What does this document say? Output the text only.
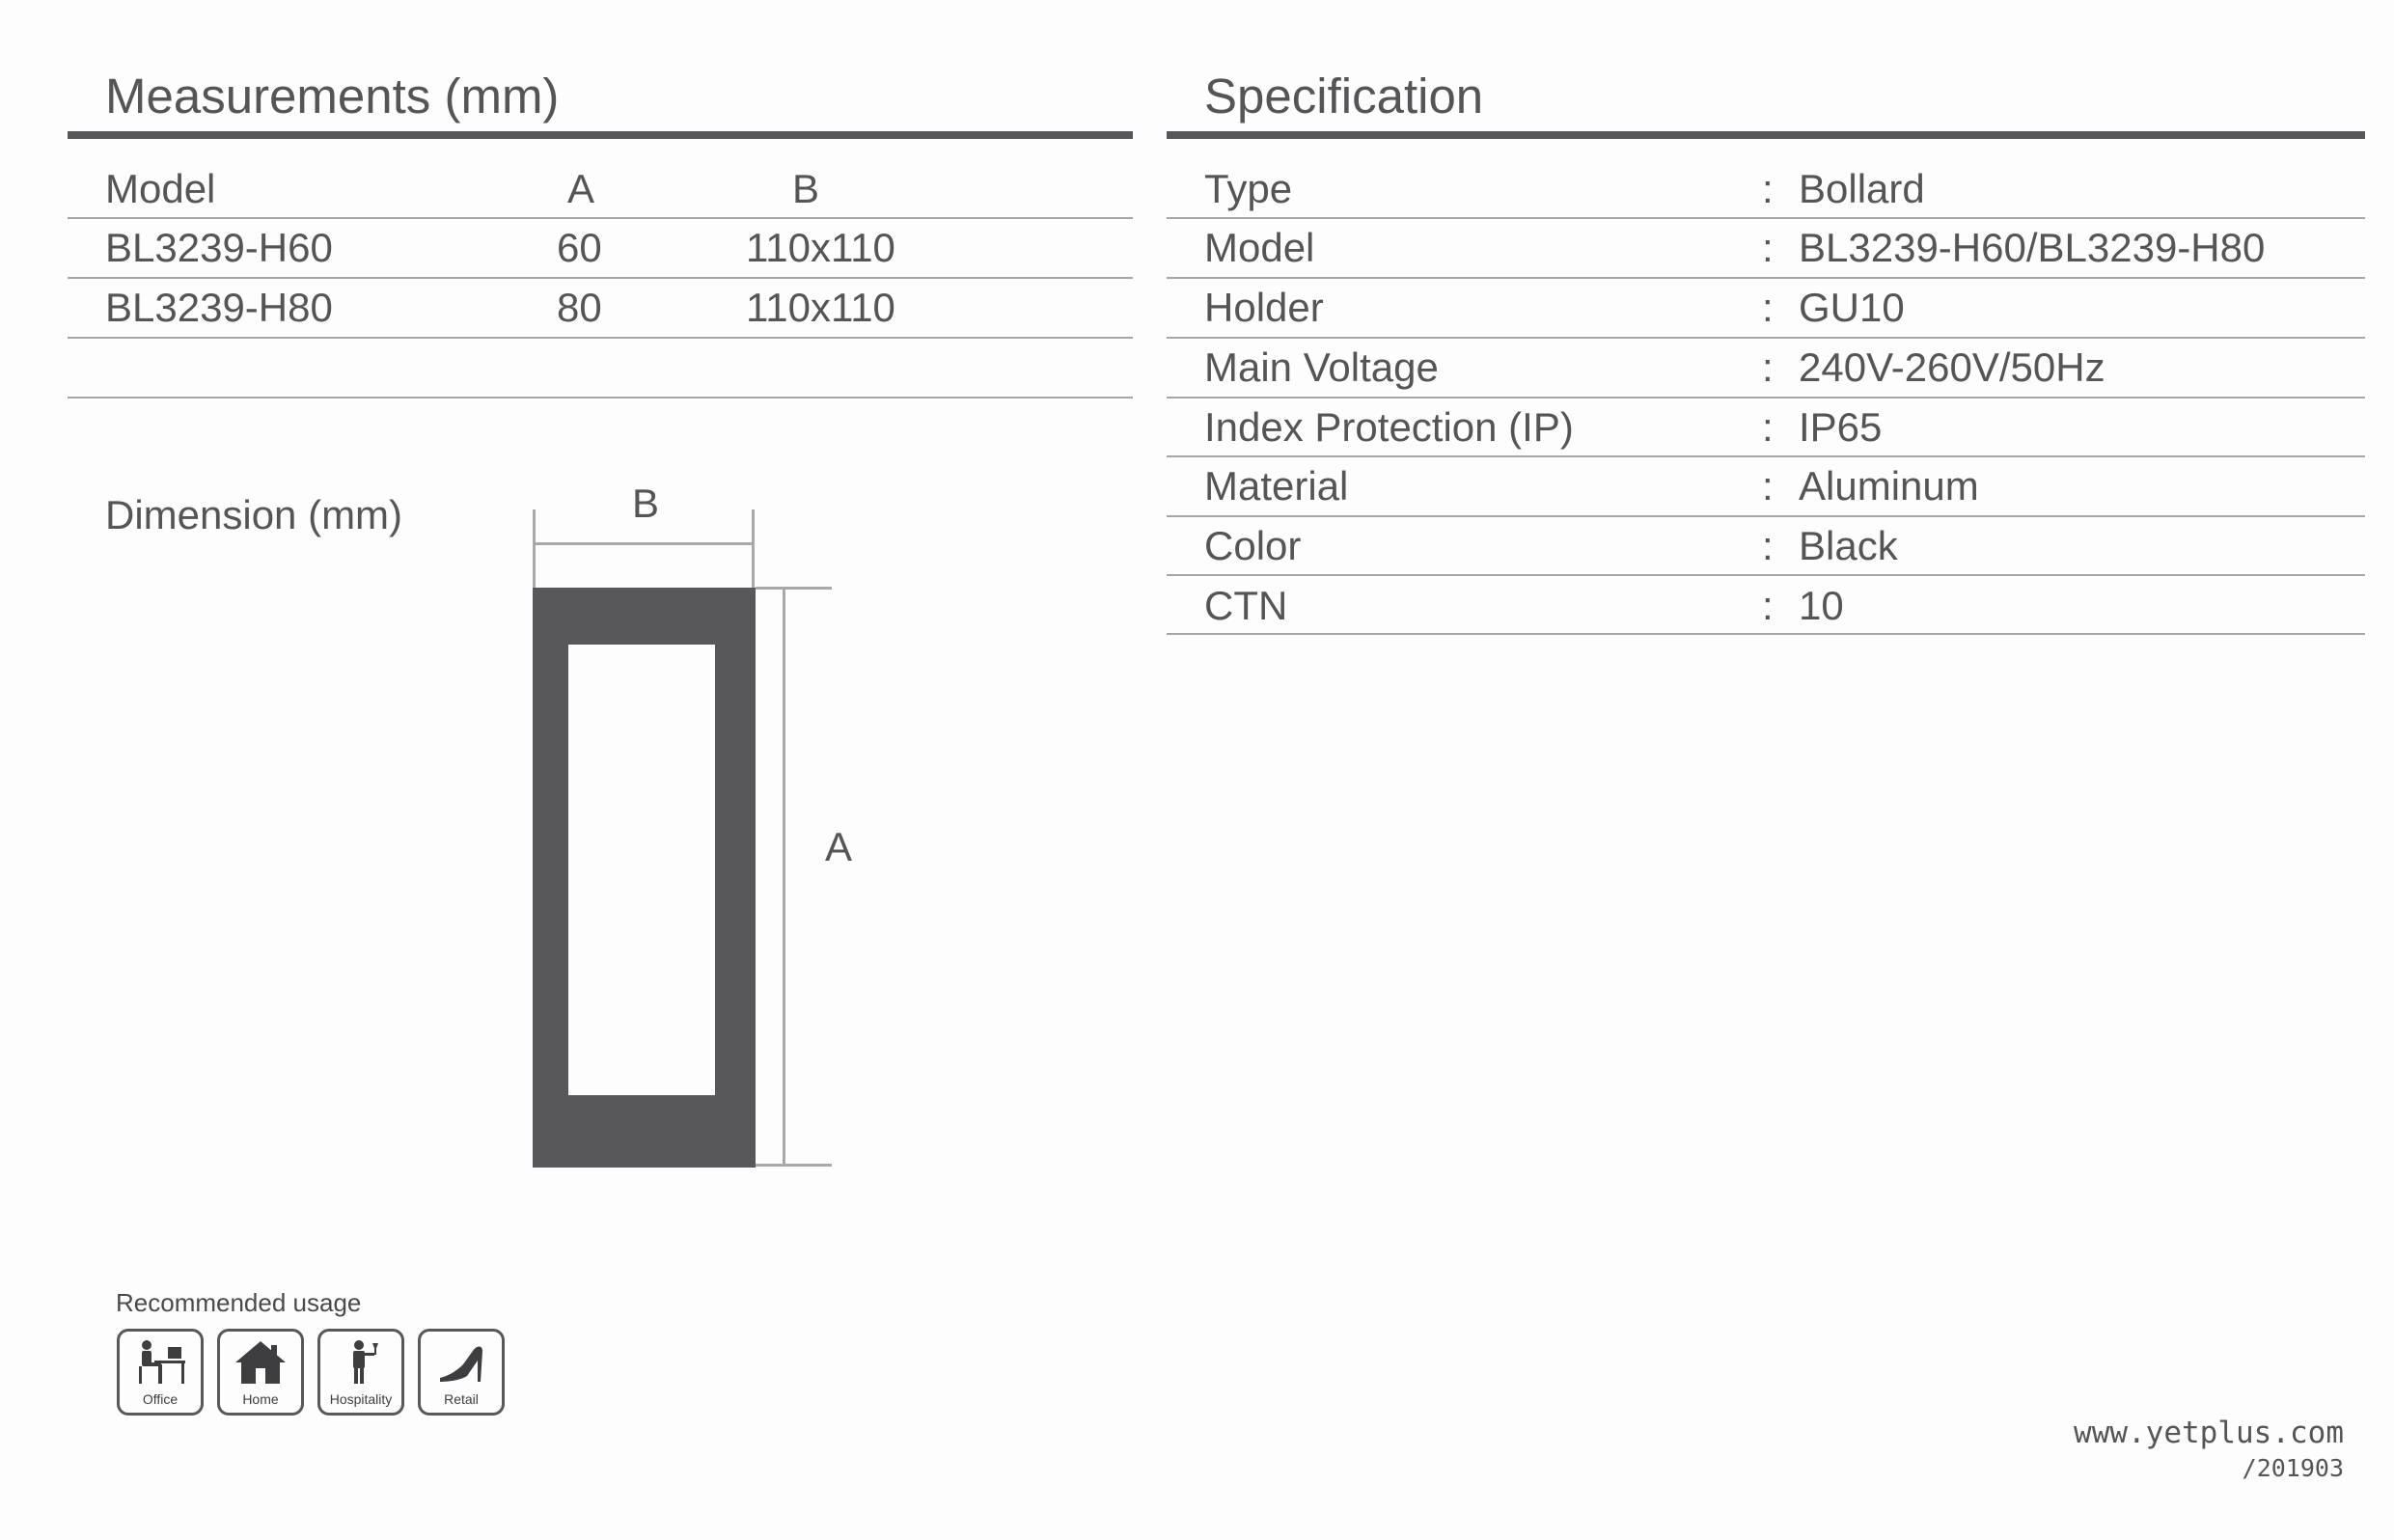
Measurements (mm)
Model	A	B
BL3239-H60	60	110x110
BL3239-H80	80	110x110
Dimension (mm)	B
A
Recommended usage
Office	Home	Hospitality	Retail
Specification
Type	: Bollard
Model	: BL3239-H60/BL3239-H80
Holder	: GU10
Main Voltage	: 240V-260V/50Hz
Index Protection (IP)	: IP65
Material	: Aluminum
Color	: Black
CTN	: 10
www.yetplus.com
/201903
